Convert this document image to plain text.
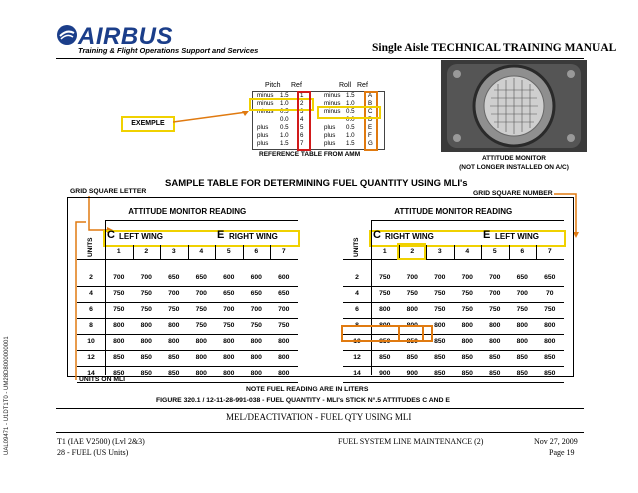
AIRBUS
Training & Flight Operations Support and Services	Single Aisle TECHNICAL TRAINING MANUAL
Pitch Ref	Roll Ref
minus 1.5 1
minus 1.0 2
minus 0.5 3
0.0 4
plus 0.5 5
plus 1.0 6
plus 1.5 7
minus 1.5 A
minus 1.0 B
minus 0.5 C
0.0 D
plus 0.5 E
plus 1.0 F
plus 1.5 G
REFERENCE TABLE FROM AMM
EXEMPLE
ATTITUDE MONITOR
(NOT LONGER INSTALLED ON A/C)
SAMPLE TABLE FOR DETERMINING FUEL QUANTITY USING MLI's
GRID SQUARE LETTER	GRID SQUARE NUMBER
ATTITUDE MONITOR READING
UNITS
C LEFT WING	E RIGHT WING
1	2	3	4	5	6	7
2	700	700	650	650	600	600	600
4	750	750	700	700	650	650	650
6	750	750	750	750	700	700	700
8	800	800	800	750	750	750	750
10	800	800	800	800	800	800	800
12	850	850	850	800	800	800	800
14	850	850	850	800	800	800	800
ATTITUDE MONITOR READING
UNITS
C RIGHT WING	E LEFT WING
1	2	3	4	5	6	7
2	750	700	700	700	700	650	650
4	750	750	750	750	700	700	70
6	800	800	750	750	750	750	750
8	800	800	800	800	800	800	800
10	850	850	850	800	800	800	800
12	850	850	850	850	850	850	850
14	900	900	850	850	850	850	850
UNITS ON MLI
NOTE FUEL READING ARE IN LITERS
FIGURE 320.1 / 12-11-28-991-038 - FUEL QUANTITY - MLI's STICK N°.5 ATTITUDES C AND E
MEL/DEACTIVATION - FUEL QTY USING MLI
T1 (IAE V2500) (Lvl 2&3)
28 - FUEL (US Units)
FUEL SYSTEM LINE MAINTENANCE (2)	Nov 27, 2009
Page 19
UAL09471 - U1DT1T0 - UM28D8000000001
